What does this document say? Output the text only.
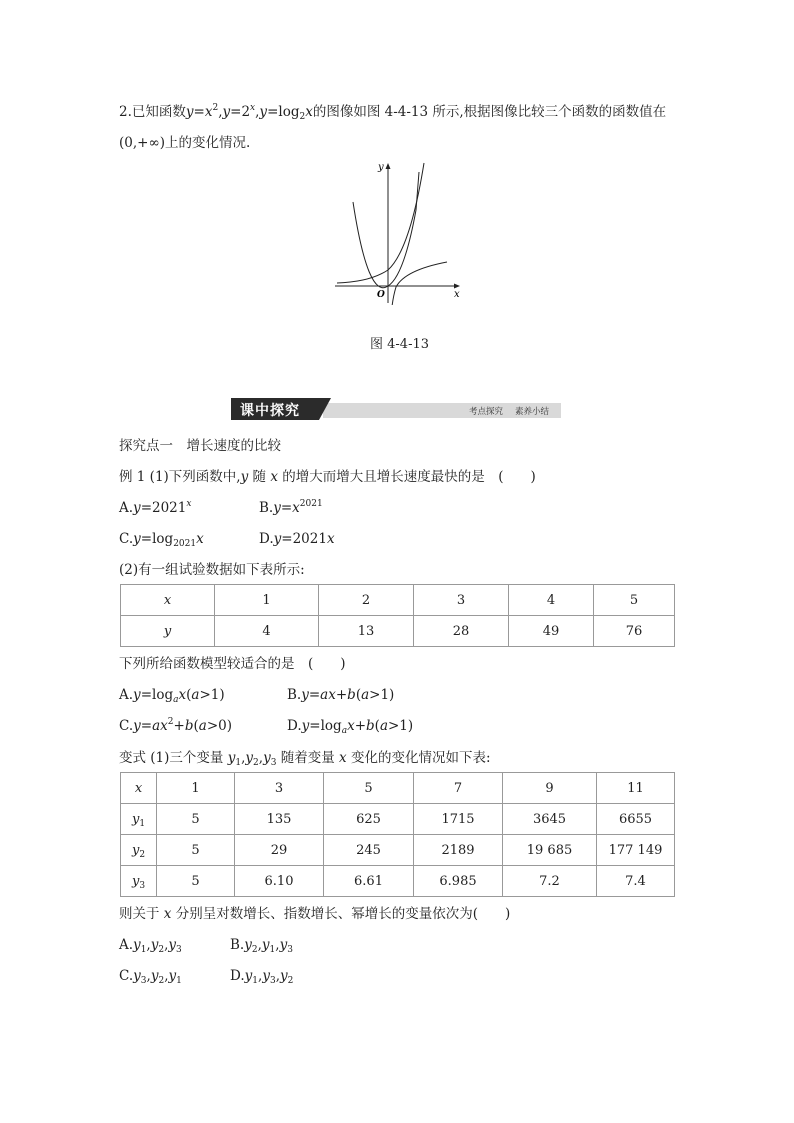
2.已知函数$y=x^2,y=2^x,y=\log_2x$的图像如图 4-4-13 所示,根据图像比较三个函数的函数值在
(0,+∞)上的变化情况.
y
x
O
图 4-4-13
课中探究	考点探究 素养小结
探究点一　增长速度的比较
例 1 (1)下列函数中,y 随 x 的增大而增大且增长速度最快的是　(　　)
$A.y=2021^x$	$B.y=x^{2021}$
$C.y=\log_{2021}x$	D.y=2021x
(2)有一组试验数据如下表所示:
x	1	2	3	4	5
y	4	13	28	49	76
下列所给函数模型较适合的是　(　　)
$A.y=\log_ax(a>1)$	B.y=ax+b(a>1)
$C.y=ax^2+b(a>0)$	$D.y=\log_ax+b(a>1)$
变式 (1)三个变量 $y_1,y_2,y_3$ 随着变量 x 变化的变化情况如下表:
x	1	3	5	7	9	11
$y_1$	5	135	625	1715	3645	6655
$y_2$	5	29	245	2189	19 685	177 149
$y_3$	5	6.10	6.61	6.985	7.2	7.4
则关于 x 分别呈对数增长、指数增长、幂增长的变量依次为(　　)
$A.y_1,y_2,y_3$	$B.y_2,y_1,y_3$
$C.y_3,y_2,y_1$	$D.y_1,y_3,y_2$
